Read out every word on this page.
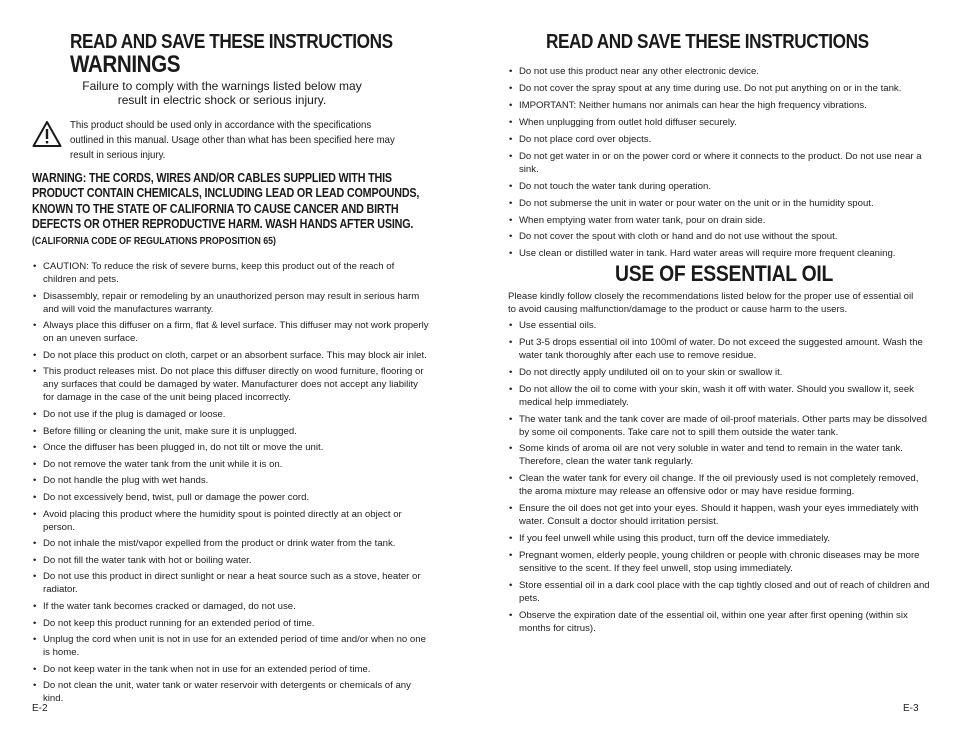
READ AND SAVE THESE INSTRUCTIONS
WARNINGS
Failure to comply with the warnings listed below may
result in electric shock or serious injury.
This product should be used only in accordance with the specifications outlined in this manual. Usage other than what has been specified here may result in serious injury.
WARNING: THE CORDS, WIRES AND/OR CABLES SUPPLIED WITH THIS PRODUCT CONTAIN CHEMICALS, INCLUDING LEAD OR LEAD COMPOUNDS, KNOWN TO THE STATE OF CALIFORNIA TO CAUSE CANCER AND BIRTH DEFECTS OR OTHER REPRODUCTIVE HARM. WASH HANDS AFTER USING.
(CALIFORNIA CODE OF REGULATIONS PROPOSITION 65)
• CAUTION: To reduce the risk of severe burns, keep this product out of the reach of children and pets.
• Disassembly, repair or remodeling by an unauthorized person may result in serious harm and will void the manufactures warranty.
• Always place this diffuser on a firm, flat & level surface. This diffuser may not work properly on an uneven surface.
• Do not place this product on cloth, carpet or an absorbent surface. This may block air inlet.
• This product releases mist. Do not place this diffuser directly on wood furniture, flooring or any surfaces that could be damaged by water. Manufacturer does not accept any liability for damage in the case of the unit being placed incorrectly.
• Do not use if the plug is damaged or loose.
• Before filling or cleaning the unit, make sure it is unplugged.
• Once the diffuser has been plugged in, do not tilt or move the unit.
• Do not remove the water tank from the unit while it is on.
• Do not handle the plug with wet hands.
• Do not excessively bend, twist, pull or damage the power cord.
• Avoid placing this product where the humidity spout is pointed directly at an object or person.
• Do not inhale the mist/vapor expelled from the product or drink water from the tank.
• Do not fill the water tank with hot or boiling water.
• Do not use this product in direct sunlight or near a heat source such as a stove, heater or radiator.
• If the water tank becomes cracked or damaged, do not use.
• Do not keep this product running for an extended period of time.
• Unplug the cord when unit is not in use for an extended period of time and/or when no one is home.
• Do not keep water in the tank when not in use for an extended period of time.
• Do not clean the unit, water tank or water reservoir with detergents or chemicals of any kind.
E-2
READ AND SAVE THESE INSTRUCTIONS
• Do not use this product near any other electronic device.
• Do not cover the spray spout at any time during use. Do not put anything on or in the tank.
• IMPORTANT: Neither humans nor animals can hear the high frequency vibrations.
• When unplugging from outlet hold diffuser securely.
• Do not place cord over objects.
• Do not get water in or on the power cord or where it connects to the product. Do not use near a sink.
• Do not touch the water tank during operation.
• Do not submerse the unit in water or pour water on the unit or in the humidity spout.
• When emptying water from water tank, pour on drain side.
• Do not cover the spout with cloth or hand and do not use without the spout.
• Use clean or distilled water in tank. Hard water areas will require more frequent cleaning.
USE OF ESSENTIAL OIL
Please kindly follow closely the recommendations listed below for the proper use of essential oil to avoid causing malfunction/damage to the product or cause harm to the users.
• Use essential oils.
• Put 3-5 drops essential oil into 100ml of water. Do not exceed the suggested amount. Wash the water tank thoroughly after each use to remove residue.
• Do not directly apply undiluted oil on to your skin or swallow it.
• Do not allow the oil to come with your skin, wash it off with water. Should you swallow it, seek medical help immediately.
• The water tank and the tank cover are made of oil-proof materials. Other parts may be dissolved by some oil components. Take care not to spill them outside the water tank.
• Some kinds of aroma oil are not very soluble in water and tend to remain in the water tank. Therefore, clean the water tank regularly.
• Clean the water tank for every oil change. If the oil previously used is not completely removed, the aroma mixture may release an offensive odor or may have residue forming.
• Ensure the oil does not get into your eyes. Should it happen, wash your eyes immediately with water. Consult a doctor should irritation persist.
• If you feel unwell while using this product, turn off the device immediately.
• Pregnant women, elderly people, young children or people with chronic diseases may be more sensitive to the scent. If they feel unwell, stop using immediately.
• Store essential oil in a dark cool place with the cap tightly closed and out of reach of children and pets.
• Observe the expiration date of the essential oil, within one year after first opening (within six months for citrus).
E-3
